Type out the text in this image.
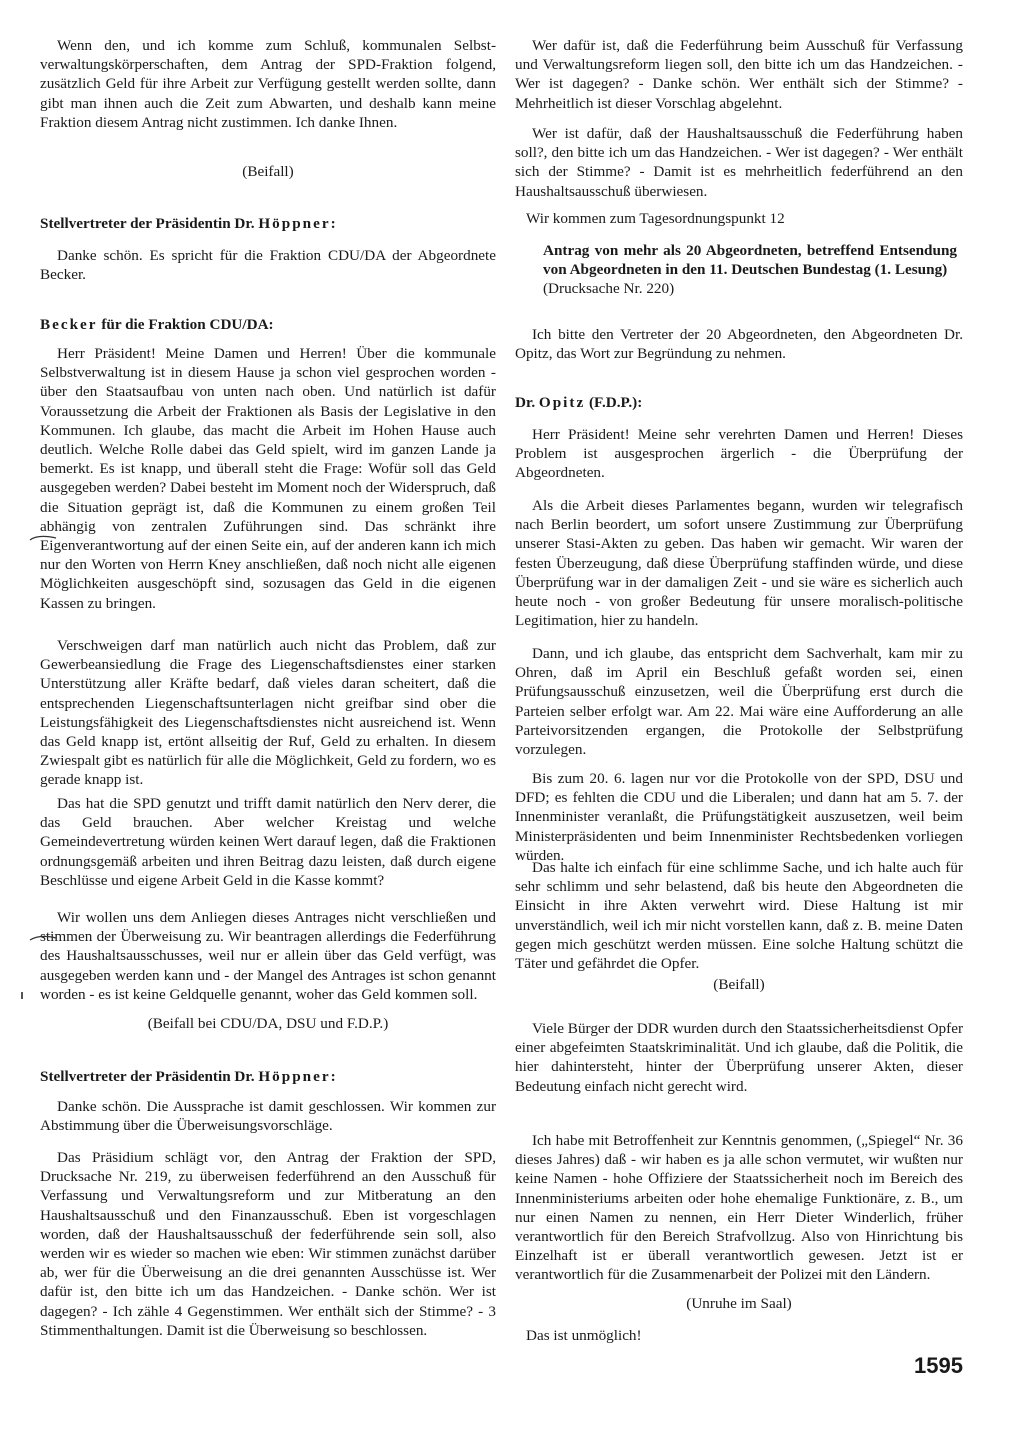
Wenn den, und ich komme zum Schluß, kommunalen Selbst-verwaltungskörperschaften, dem Antrag der SPD-Fraktion folgend, zusätzlich Geld für ihre Arbeit zur Verfügung gestellt werden sollte, dann gibt man ihnen auch die Zeit zum Abwarten, und deshalb kann meine Fraktion diesem Antrag nicht zustimmen. Ich danke Ihnen.

(Beifall)

Stellvertreter der Präsidentin Dr. Höppner:

Danke schön. Es spricht für die Fraktion CDU/DA der Abgeordnete Becker.

Becker für die Fraktion CDU/DA:

Herr Präsident! Meine Damen und Herren! Über die kommunale Selbstverwaltung ist in diesem Hause ja schon viel gesprochen worden - über den Staatsaufbau von unten nach oben. Und natürlich ist dafür Voraussetzung die Arbeit der Fraktionen als Basis der Legislative in den Kommunen. Ich glaube, das macht die Arbeit im Hohen Hause auch deutlich. Welche Rolle dabei das Geld spielt, wird im ganzen Lande ja bemerkt. Es ist knapp, und überall steht die Frage: Wofür soll das Geld ausgegeben werden? Dabei besteht im Moment noch der Widerspruch, daß die Situation geprägt ist, daß die Kommunen zu einem großen Teil abhängig von zentralen Zuführungen sind. Das schränkt ihre Eigenverantwortung auf der einen Seite ein, auf der anderen kann ich mich nur den Worten von Herrn Kney anschließen, daß noch nicht alle eigenen Möglichkeiten ausgeschöpft sind, sozusagen das Geld in die eigenen Kassen zu bringen.

Verschweigen darf man natürlich auch nicht das Problem, daß zur Gewerbeansiedlung die Frage des Liegenschaftsdienstes einer starken Unterstützung aller Kräfte bedarf, daß vieles daran scheitert, daß die entsprechenden Liegenschaftsunterlagen nicht greifbar sind ober die Leistungsfähigkeit des Liegenschaftsdienstes nicht ausreichend ist. Wenn das Geld knapp ist, ertönt allseitig der Ruf, Geld zu erhalten. In diesem Zwiespalt gibt es natürlich für alle die Möglichkeit, Geld zu fordern, wo es gerade knapp ist.

Das hat die SPD genutzt und trifft damit natürlich den Nerv derer, die das Geld brauchen. Aber welcher Kreistag und welche Gemeindevertretung würden keinen Wert darauf legen, daß die Fraktionen ordnungsgemäß arbeiten und ihren Beitrag dazu leisten, daß durch eigene Beschlüsse und eigene Arbeit Geld in die Kasse kommt?

Wir wollen uns dem Anliegen dieses Antrages nicht verschließen und stimmen der Überweisung zu. Wir beantragen allerdings die Federführung des Haushaltsausschusses, weil nur er allein über das Geld verfügt, was ausgegeben werden kann und - der Mangel des Antrages ist schon genannt worden - es ist keine Geldquelle genannt, woher das Geld kommen soll.

(Beifall bei CDU/DA, DSU und F.D.P.)

Stellvertreter der Präsidentin Dr. Höppner:

Danke schön. Die Aussprache ist damit geschlossen. Wir kommen zur Abstimmung über die Überweisungsvorschläge.

Das Präsidium schlägt vor, den Antrag der Fraktion der SPD, Drucksache Nr. 219, zu überweisen federführend an den Ausschuß für Verfassung und Verwaltungsreform und zur Mitberatung an den Haushaltsausschuß und den Finanzausschuß. Eben ist vorgeschlagen worden, daß der Haushaltsausschuß der federführende sein soll, also werden wir es wieder so machen wie eben: Wir stimmen zunächst darüber ab, wer für die Überweisung an die drei genannten Ausschüsse ist. Wer dafür ist, den bitte ich um das Handzeichen. - Danke schön. Wer ist dagegen? - Ich zähle 4 Gegenstimmen. Wer enthält sich der Stimme? - 3 Stimmenthaltungen. Damit ist die Überweisung so beschlossen.

Wer dafür ist, daß die Federführung beim Ausschuß für Verfassung und Verwaltungsreform liegen soll, den bitte ich um das Handzeichen. - Wer ist dagegen? - Danke schön. Wer enthält sich der Stimme? - Mehrheitlich ist dieser Vorschlag abgelehnt.

Wer ist dafür, daß der Haushaltsausschuß die Federführung haben soll?, den bitte ich um das Handzeichen. - Wer ist dagegen? - Wer enthält sich der Stimme? - Damit ist es mehrheitlich federführend an den Haushaltsausschuß überwiesen.

Wir kommen zum Tagesordnungspunkt 12

Antrag von mehr als 20 Abgeordneten, betreffend Entsendung von Abgeordneten in den 11. Deutschen Bundestag (1. Lesung)
(Drucksache Nr. 220)

Ich bitte den Vertreter der 20 Abgeordneten, den Abgeordneten Dr. Opitz, das Wort zur Begründung zu nehmen.

Dr. Opitz (F.D.P.):

Herr Präsident! Meine sehr verehrten Damen und Herren! Dieses Problem ist ausgesprochen ärgerlich - die Überprüfung der Abgeordneten.

Als die Arbeit dieses Parlamentes begann, wurden wir telegrafisch nach Berlin beordert, um sofort unsere Zustimmung zur Überprüfung unserer Stasi-Akten zu geben. Das haben wir gemacht. Wir waren der festen Überzeugung, daß diese Überprüfung staffinden würde, und diese Überprüfung war in der damaligen Zeit - und sie wäre es sicherlich auch heute noch - von großer Bedeutung für unsere moralisch-politische Legitimation, hier zu handeln.

Dann, und ich glaube, das entspricht dem Sachverhalt, kam mir zu Ohren, daß im April ein Beschluß gefaßt worden sei, einen Prüfungsausschuß einzusetzen, weil die Überprüfung erst durch die Parteien selber erfolgt war. Am 22. Mai wäre eine Aufforderung an alle Parteivorsitzenden ergangen, die Protokolle der Selbstprüfung vorzulegen.

Bis zum 20. 6. lagen nur vor die Protokolle von der SPD, DSU und DFD; es fehlten die CDU und die Liberalen; und dann hat am 5. 7. der Innenminister veranlaßt, die Prüfungstätigkeit auszusetzen, weil beim Ministerpräsidenten und beim Innenminister Rechtsbedenken vorliegen würden.

Das halte ich einfach für eine schlimme Sache, und ich halte auch für sehr schlimm und sehr belastend, daß bis heute den Abgeordneten die Einsicht in ihre Akten verwehrt wird. Diese Haltung ist mir unverständlich, weil ich mir nicht vorstellen kann, daß z. B. meine Daten gegen mich geschützt werden müssen. Eine solche Haltung schützt die Täter und gefährdet die Opfer.

(Beifall)

Viele Bürger der DDR wurden durch den Staatssicherheitsdienst Opfer einer abgefeimten Staatskriminalität. Und ich glaube, daß die Politik, die hier dahintersteht, hinter der Überprüfung unserer Akten, dieser Bedeutung einfach nicht gerecht wird.

Ich habe mit Betroffenheit zur Kenntnis genommen, („Spiegel“ Nr. 36 dieses Jahres) daß - wir haben es ja alle schon vermutet, wir wußten nur keine Namen - hohe Offiziere der Staatssicherheit noch im Bereich des Innenministeriums arbeiten oder hohe ehemalige Funktionäre, z. B., um nur einen Namen zu nennen, ein Herr Dieter Winderlich, früher verantwortlich für den Bereich Strafvollzug. Also von Hinrichtung bis Einzelhaft ist er überall verantwortlich gewesen. Jetzt ist er verantwortlich für die Zusammenarbeit der Polizei mit den Ländern.

(Unruhe im Saal)

Das ist unmöglich!

1595
